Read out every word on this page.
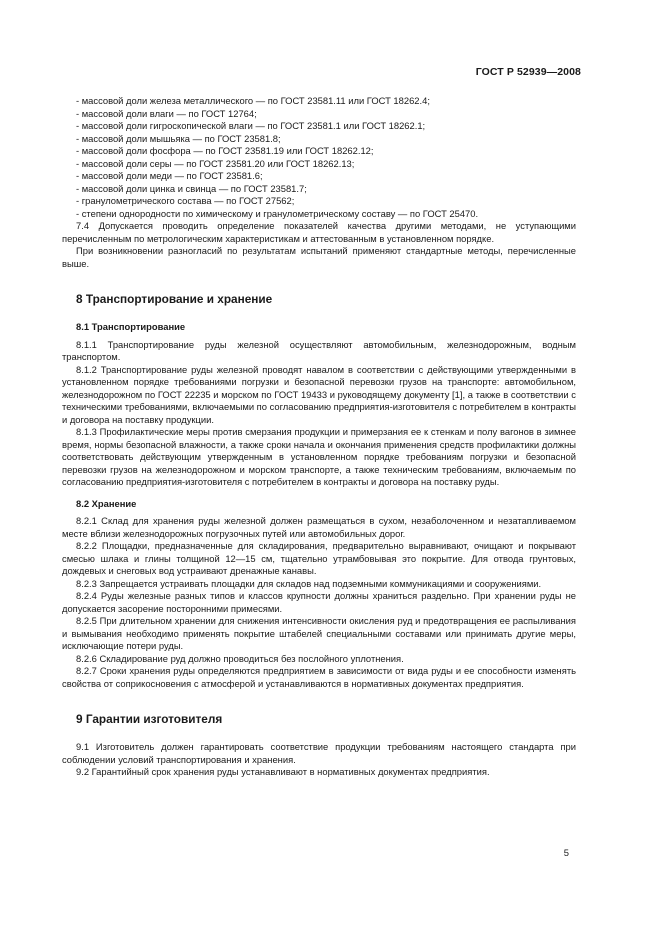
ГОСТ Р 52939—2008
- массовой доли железа металлического — по ГОСТ 23581.11 или ГОСТ 18262.4;
- массовой доли влаги — по ГОСТ 12764;
- массовой доли гигроскопической влаги — по ГОСТ 23581.1 или ГОСТ 18262.1;
- массовой доли мышьяка — по ГОСТ 23581.8;
- массовой доли фосфора — по ГОСТ 23581.19 или ГОСТ 18262.12;
- массовой доли серы — по ГОСТ 23581.20 или ГОСТ 18262.13;
- массовой доли меди — по ГОСТ 23581.6;
- массовой доли цинка и свинца — по ГОСТ 23581.7;
- гранулометрического состава — по ГОСТ 27562;
- степени однородности по химическому и гранулометрическому составу — по ГОСТ 25470.

7.4 Допускается проводить определение показателей качества другими методами, не уступающими перечисленным по метрологическим характеристикам и аттестованным в установленном порядке.

При возникновении разногласий по результатам испытаний применяют стандартные методы, перечисленные выше.

8 Транспортирование и хранение
8.1 Транспортирование

8.1.1 Транспортирование руды железной осуществляют автомобильным, железнодорожным, водным транспортом.

8.1.2 Транспортирование руды железной проводят навалом в соответствии с действующими утвержденными в установленном порядке требованиями погрузки и безопасной перевозки грузов на транспорте: автомобильном, железнодорожном по ГОСТ 22235 и морском по ГОСТ 19433 и руководящему документу [1], а также в соответствии с техническими требованиями, включаемыми по согласованию предприятия-изготовителя с потребителем в контракты и договора на поставку продукции.

8.1.3 Профилактические меры против смерзания продукции и примерзания ее к стенкам и полу вагонов в зимнее время, нормы безопасной влажности, а также сроки начала и окончания применения средств профилактики должны соответствовать действующим утвержденным в установленном порядке требованиям погрузки и безопасной перевозки грузов на железнодорожном и морском транспорте, а также техническим требованиям, включаемым по согласованию предприятия-изготовителя с потребителем в контракты и договора на поставку руды.

8.2 Хранение

8.2.1 Склад для хранения руды железной должен размещаться в сухом, незаболоченном и незатапливаемом месте вблизи железнодорожных погрузочных путей или автомобильных дорог.

8.2.2 Площадки, предназначенные для складирования, предварительно выравнивают, очищают и покрывают смесью шлака и глины толщиной 12—15 см, тщательно утрамбовывая это покрытие. Для отвода грунтовых, дождевых и снеговых вод устраивают дренажные канавы.

8.2.3 Запрещается устраивать площадки для складов над подземными коммуникациями и сооружениями.

8.2.4 Руды железные разных типов и классов крупности должны храниться раздельно. При хранении руды не допускается засорение посторонними примесями.

8.2.5 При длительном хранении для снижения интенсивности окисления руд и предотвращения ее распыливания и вымывания необходимо применять покрытие штабелей специальными составами или принимать другие меры, исключающие потери руды.

8.2.6 Складирование руд должно проводиться без послойного уплотнения.

8.2.7 Сроки хранения руды определяются предприятием в зависимости от вида руды и ее способности изменять свойства от соприкосновения с атмосферой и устанавливаются в нормативных документах предприятия.

9 Гарантии изготовителя

9.1 Изготовитель должен гарантировать соответствие продукции требованиям настоящего стандарта при соблюдении условий транспортирования и хранения.

9.2 Гарантийный срок хранения руды устанавливают в нормативных документах предприятия.

5
